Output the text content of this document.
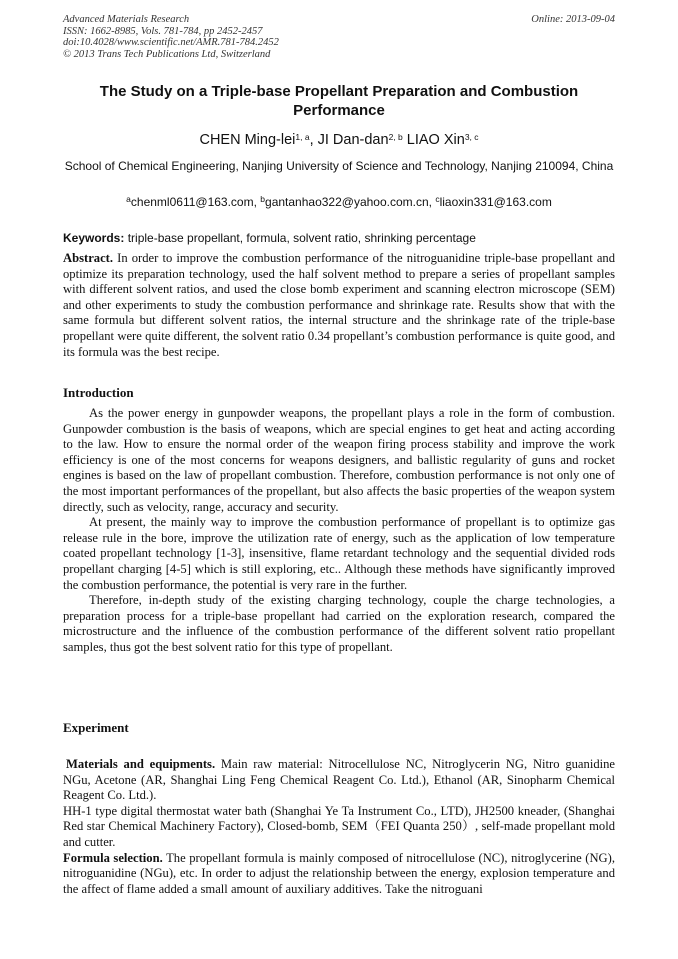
Advanced Materials Research
ISSN: 1662-8985, Vols. 781-784, pp 2452-2457
doi:10.4028/www.scientific.net/AMR.781-784.2452
© 2013 Trans Tech Publications Ltd, Switzerland
Online: 2013-09-04
The Study on a Triple-base Propellant Preparation and Combustion Performance
CHEN Ming-lei$^{1, a}$, JI Dan-dan$^{2, b}$ LIAO Xin$^{3, c}$
School of Chemical Engineering, Nanjing University of Science and Technology, Nanjing 210094, China
$^a$chenml0611@163.com, $^b$gantanhao322@yahoo.com.cn, $^c$liaoxin331@163.com
Keywords: triple-base propellant, formula, solvent ratio, shrinking percentage
Abstract. In order to improve the combustion performance of the nitroguanidine triple-base propellant and optimize its preparation technology, used the half solvent method to prepare a series of propellant samples with different solvent ratios, and used the close bomb experiment and scanning electron microscope (SEM) and other experiments to study the combustion performance and shrinkage rate. Results show that with the same formula but different solvent ratios, the internal structure and the shrinkage rate of the triple-base propellant were quite different, the solvent ratio 0.34 propellant’s combustion performance is quite good, and its formula was the best recipe.
Introduction

As the power energy in gunpowder weapons, the propellant plays a role in the form of combustion. Gunpowder combustion is the basis of weapons, which are special engines to get heat and acting according to the law. How to ensure the normal order of the weapon firing process stability and improve the work efficiency is one of the most concerns for weapons designers, and ballistic regularity of guns and rocket engines is based on the law of propellant combustion. Therefore, combustion performance is not only one of the most important performances of the propellant, but also affects the basic properties of the weapon system directly, such as velocity, range, accuracy and security.

At present, the mainly way to improve the combustion performance of propellant is to optimize gas release rule in the bore, improve the utilization rate of energy, such as the application of low temperature coated propellant technology [1-3], insensitive, flame retardant technology and the sequential divided rods propellant charging [4-5] which is still exploring, etc.. Although these methods have significantly improved the combustion performance, the potential is very rare in the further.

Therefore, in-depth study of the existing charging technology, couple the charge technologies, a preparation process for a triple-base propellant had carried on the exploration research, compared the microstructure and the influence of the combustion performance of the different solvent ratio propellant samples, thus got the best solvent ratio for this type of propellant.

Experiment

Materials and equipments. Main raw material: Nitrocellulose NC, Nitroglycerin NG, Nitro guanidine NGu, Acetone (AR, Shanghai Ling Feng Chemical Reagent Co. Ltd.), Ethanol (AR, Sinopharm Chemical Reagent Co. Ltd.).

HH-1 type digital thermostat water bath (Shanghai Ye Ta Instrument Co., LTD), JH2500 kneader, (Shanghai Red star Chemical Machinery Factory), Closed-bomb, SEM（FEI Quanta 250）, self-made propellant mold and cutter.

Formula selection. The propellant formula is mainly composed of nitrocellulose (NC), nitroglycerine (NG), nitroguanidine (NGu), etc. In order to adjust the relationship between the energy, explosion temperature and the affect of flame added a small amount of auxiliary additives. Take the nitroguani
